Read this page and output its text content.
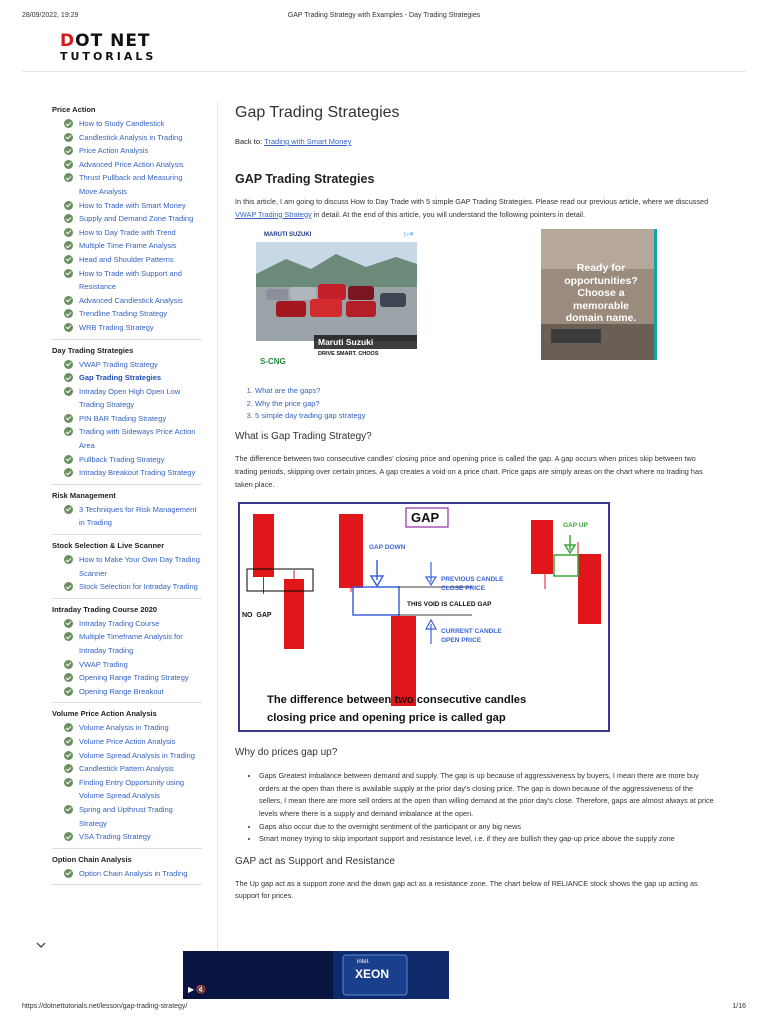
28/09/2022, 19:29	GAP Trading Strategy with Examples - Day Trading Strategies
DOT NET
TUTORIALS
Price Action
How to Study Candlestick
Candlestick Analysis in Trading
Price Action Analysis
Advanced Price Action Analysis
Thrust Pullback and Measuring Move Analysis
How to Trade with Smart Money
Supply and Demand Zone Trading
How to Day Trade with Trend
Multiple Time Frame Analysis
Head and Shoulder Patterns
How to Trade with Support and Resistance
Advanced Candlestick Analysis
Trendline Trading Strategy
WRB Trading Strategy
Day Trading Strategies
VWAP Trading Strategy
Gap Trading Strategies
Intraday Open High Open Low Trading Strategy
PIN BAR Trading Strategy
Trading with Sideways Price Action Area
Pullback Trading Strategy
Intraday Breakout Trading Strategy
Risk Management
3 Techniques for Risk Management in Trading
Stock Selection & Live Scanner
How to Make Your Own Day Trading Scanner
Stock Selection for Intraday Trading
Intraday Trading Course 2020
Intraday Trading Course
Multiple Timeframe Analysis for Intraday Trading
VWAP Trading
Opening Range Trading Strategy
Opening Range Breakout
Volume Price Action Analysis
Volume Analysis in Trading
Volume Price Action Analysis
Volume Spread Analysis in Trading
Candlestick Pattern Analysis
Finding Entry Opportunity using Volume Spread Analysis
Spring and Upthrust Trading Strategy
VSA Trading Strategy
Option Chain Analysis
Option Chain Analysis in Trading
Gap Trading Strategies
Back to: Trading with Smart Money
GAP Trading Strategies

In this article, I am going to discuss How to Day Trade with 5 simple GAP Trading Strategies. Please read our previous article, where we discussed VWAP Trading Strategy in detail. At the end of this article, you will understand the following pointers in detail.

MARUTI SUZUKI	▷✕
Maruti Suzuki
DRIVE SMART. CHOOS
S-CNG
Ready for
opportunities?
Choose a
memorable
domain name.
1. What are the gaps?
2. Why the price gap?
3. 5 simple day trading gap strategy
What is Gap Trading Strategy?

The difference between two consecutive candles' closing price and opening price is called the gap. A gap occurs when prices skip between two trading periods, skipping over certain prices. A gap creates a void on a price chart. Price gaps are simply areas on the chart where no trading has taken place.

GAP
NO  GAP
GAP DOWN
GAP UP
PREVIOUS CANDLE
CLOSE PRICE
THIS VOID IS CALLED GAP
CURRENT CANDLE
OPEN PRICE
The difference between two consecutive candles
closing price and opening price is called gap
Why do prices gap up?
• Gaps Greatest imbalance between demand and supply. The gap is up because of aggressiveness by buyers, I mean there are more buy orders at the open than there is available supply at the prior day's closing price. The gap is down because of the aggressiveness of the sellers, I mean there are more sell orders at the open than willing demand at the prior day's close. Therefore, gaps are almost always at price levels where there is a supply and demand imbalance at the open.
• Gaps also occur due to the overnight sentiment of the participant or any big news
• Smart money trying to skip important support and resistance level, i.e. if they are bullish they gap-up price above the supply zone
GAP act as Support and Resistance

The Up gap act as a support zone and the down gap act as a resistance zone. The chart below of RELIANCE stock shows the gap up acting as support for prices.

intel.
XEON
▶ 🔇
https://dotnettutorials.net/lesson/gap-trading-strategy/	1/16
